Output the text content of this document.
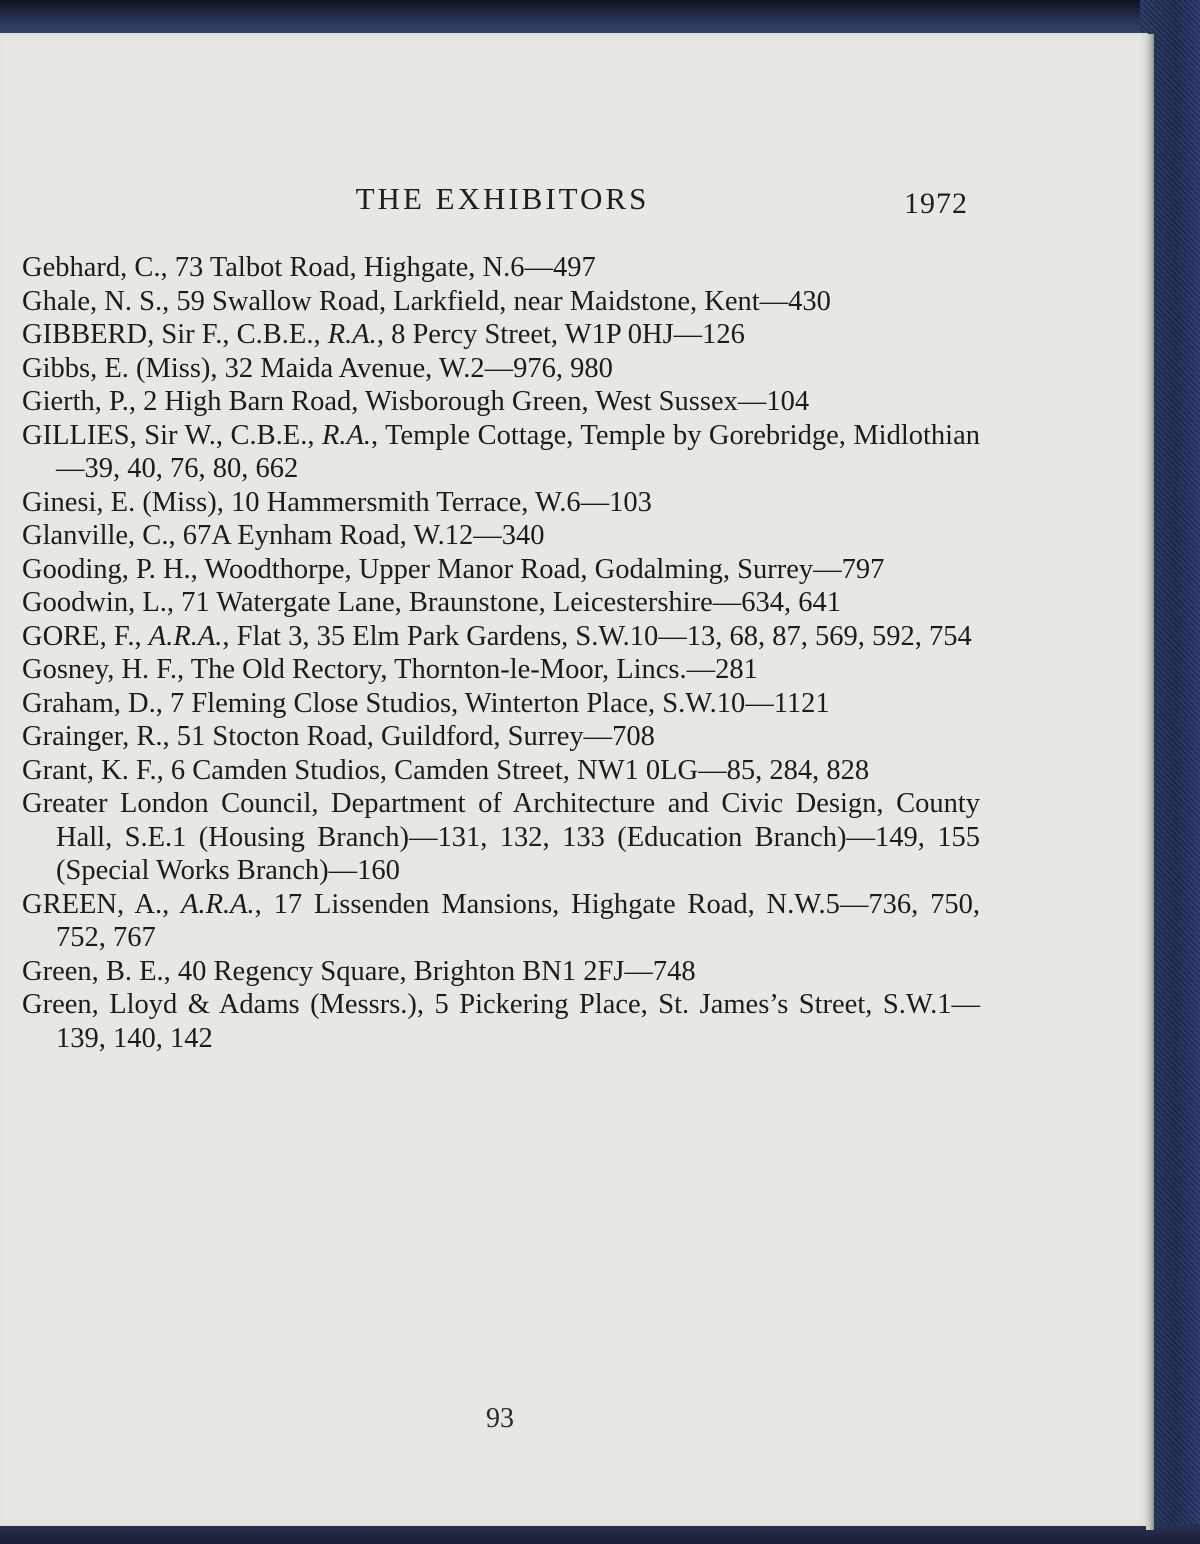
THE EXHIBITORS	1972

Gebhard, C., 73 Talbot Road, Highgate, N.6—497

Ghale, N. S., 59 Swallow Road, Larkfield, near Maidstone, Kent—430

GIBBERD, Sir F., C.B.E., R.A., 8 Percy Street, W1P 0HJ—126

Gibbs, E. (Miss), 32 Maida Avenue, W.2—976, 980

Gierth, P., 2 High Barn Road, Wisborough Green, West Sussex—104

GILLIES, Sir W., C.B.E., R.A., Temple Cottage, Temple by Gorebridge, Midlothian—39, 40, 76, 80, 662

Ginesi, E. (Miss), 10 Hammersmith Terrace, W.6—103

Glanville, C., 67A Eynham Road, W.12—340

Gooding, P. H., Woodthorpe, Upper Manor Road, Godalming, Surrey—797

Goodwin, L., 71 Watergate Lane, Braunstone, Leicestershire—634, 641

GORE, F., A.R.A., Flat 3, 35 Elm Park Gardens, S.W.10—13, 68, 87, 569, 592, 754

Gosney, H. F., The Old Rectory, Thornton-le-Moor, Lincs.—281

Graham, D., 7 Fleming Close Studios, Winterton Place, S.W.10—1121

Grainger, R., 51 Stocton Road, Guildford, Surrey—708

Grant, K. F., 6 Camden Studios, Camden Street, NW1 0LG—85, 284, 828

Greater London Council, Department of Architecture and Civic Design, County Hall, S.E.1 (Housing Branch)—131, 132, 133 (Education Branch)—149, 155 (Special Works Branch)—160

GREEN, A., A.R.A., 17 Lissenden Mansions, Highgate Road, N.W.5—736, 750, 752, 767

Green, B. E., 40 Regency Square, Brighton BN1 2FJ—748

Green, Lloyd & Adams (Messrs.), 5 Pickering Place, St. James’s Street, S.W.1—139, 140, 142

93
